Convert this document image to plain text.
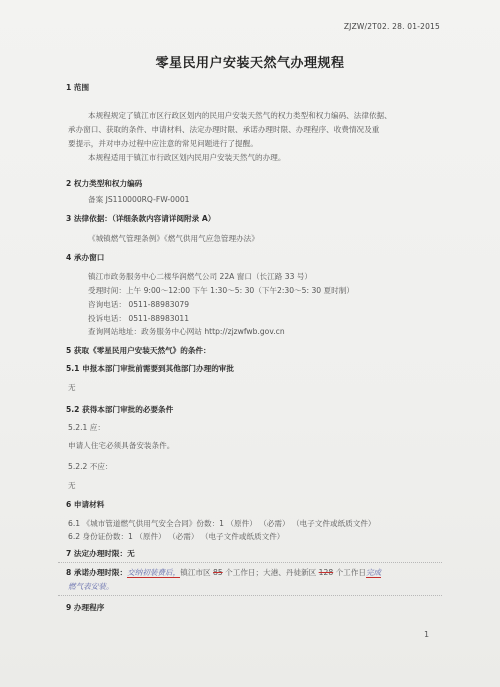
ZJZW/2T02. 28. 01-2015
零星民用户安装天然气办理规程
1 范围
本规程规定了镇江市区行政区划内的民用户安装天然气的权力类型和权力编码、法律依据、
承办窗口、获取的条件、申请材料、法定办理时限、承诺办理时限、办理程序、收费情况及重
要提示，并对申办过程中应注意的常见问题进行了提醒。
本规程适用于镇江市行政区划内民用户安装天然气的办理。
2 权力类型和权力编码
备案 JS110000RQ-FW-0001
3 法律依据：（详细条款内容请详阅附录 A）
《城镇燃气管理条例》《燃气供用气应急管理办法》
4 承办窗口
镇江市政务服务中心二楼华润燃气公司 22A 窗口（长江路 33 号）
受理时间：上午 9:00～12:00 下午 1:30～5: 30（下午2:30～5: 30 夏时制）
咨询电话： 0511-88983079
投诉电话： 0511-88983011
查询网站地址：政务服务中心网站 http://zjzwfwb.gov.cn
5 获取《零星民用户安装天然气》的条件：
5.1 申报本部门审批前需要到其他部门办理的审批
无
5.2 获得本部门审批的必要条件
5.2.1 应：
申请人住宅必须具备安装条件。
5.2.2 不应：
无
6 申请材料
6.1 《城市管道燃气供用气安全合同》份数：1 （原件） （必需） （电子文件或纸质文件）
6.2 身份证份数：1 （原件） （必需） （电子文件或纸质文件）
7 法定办理时限：无
8 承诺办理时限：交纳初装费后，镇江市区 85 个工作日；大港、丹徒新区 128 个工作日完成
燃气表安装。
9 办理程序
1
